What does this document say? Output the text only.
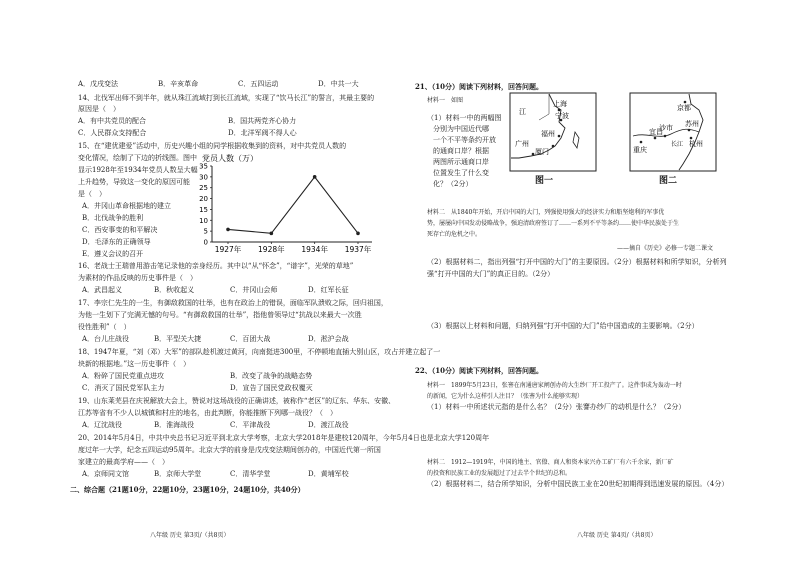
A．戊戌变法	B．辛亥革命	C．五四运动	D．中共一大
14、北伐军出师不到半年，就从珠江流域打到长江流域，实现了“饮马长江”的誓言，其最主要的
原因是（　）
A．有中共党员的配合	B．国共两党齐心协力
C．人民群众支持配合	D．北洋军阀不得人心
15、在“建优建爱”活动中，历史兴趣小组的同学根据收集到的资料，对中共党员人数的
变化情况，绘制了下边的折线图。图中
显示1928年至1934年党员人数呈大幅
上升趋势，导致这一变化的原因可能
是（　）
A．井冈山革命根据地的建立
B．北伐战争的胜利
C．西安事变的和平解决
D．毛泽东的正确领导
E．遵义会议的召开
党员人数（万）
0
5
10
15
20
25
30
35
1927年 1928年 1934年 1937年
16、老战士王瑞曾用游击笔记录他的亲身经历。其中以“从“怀念”，“谱字”，光荣的草地”
为素材的作品反映的历史事件是（　）
A．武昌起义	B．秋收起义	C．井冈山会师	D．红军长征
17、李宗仁先生的一生，有御敌救国的壮举，也有在政治上的错误，面临军队溃败之际，回归祖国，
为他一生划下了完满无憾的句号。“有御敌救国的壮举”，指他曾领导过“抗战以来最大一次胜
役性胜利”（　）
A．台儿庄战役	B．平型关大捷	C．百团大战	D．淞沪会战
18、1947年夏，“刘（邓）大军”的部队趁机渡过黄河，向南挺进300里，不停顿地直插大别山区，攻占并建立起了一
块新的根据地。”这一历史事件（　）
A．粉碎了国民党重点进攻	B．改变了战争的战略态势
C．消灭了国民党军队主力	D．宣告了国民党政权覆灭
19、山东莱芜县在庆祝解放大会上，赞说对这场战役的正确讲述，被称作“老区”的辽东、华东、安徽、
江苏等省有不少人以城镇和村庄的地名，由此判断，你能推断下列哪一战役？（　）
A．辽沈战役	B．淮海战役	C．平津战役	D．渡江战役
20、2014年5月4日，中共中央总书记习近平到北京大学考察，北京大学2018年是建校120周年，今年5月4日也是北京大学120周年
度过年一大学，纪念五四运动95周年。北京大学的前身是戊戌变法期间创办的，中国近代第一所国
家建立的最高学府——（　）
A．京师同文馆	B．京师大学堂	C．清华学堂	D．黄埔军校
二、综合题（21题10分，22题10分，23题10分，24题10分，共40分）
八年级 历史 第3页/（共8页）
21、（10分）阅读下列材料，回答问题。
材料一　如图
（1）材料一中的两幅图
分别为中国近代哪
一个不平等条约开放
的通商口岸？根据
两图所示通商口岸
位置发生了什么变
化？（2分）
上海
宁波
福州
广州
厦门
江
图一
京都
沙市 苏州
重庆
宜昌
杭州
长江
图二
材料二　从1840年开始，开启中国的大门，列强使用强大的经济实力和船坚炮利的军事优
势，屡屡向中国发动侵略战争，强迫清政府签订了……一系列不平等条约……使中华民族处于生
死存亡的危机之中。
——摘自《历史》必修一专题二课文
（2）根据材料二，指出列强“打开中国的大门”的主要原因。（2分）根据材料和所学知识，分析列
强“打开中国的大门”的真正目的。（2分）
（3）根据以上材料和问题，归纳列强“打开中国的大门”给中国造成的主要影响。（2分）
22、（10分）阅读下列材料，回答问题。
材料一　1899年5月23日，张謇在南通唐家闸创办的大生纱厂开工投产了。这件事成为轰动一时
的新闻，它为什么这样引人注目？（张謇为什么能够实现）
（1）材料一中所述状元指的是什么名？（2分）张謇办纱厂的动机是什么？（2分）
材料二　1912—1919年，中国的地主、官僚、商人和资本家兴办工矿厂有六千余家，新厂矿
的投资和民族工业的发展超过了过去半个世纪的总和。
（2）根据材料二，结合所学知识，分析中国民族工业在20世纪初期得到迅速发展的原因。（4分）
八年级 历史 第4页/（共8页）
